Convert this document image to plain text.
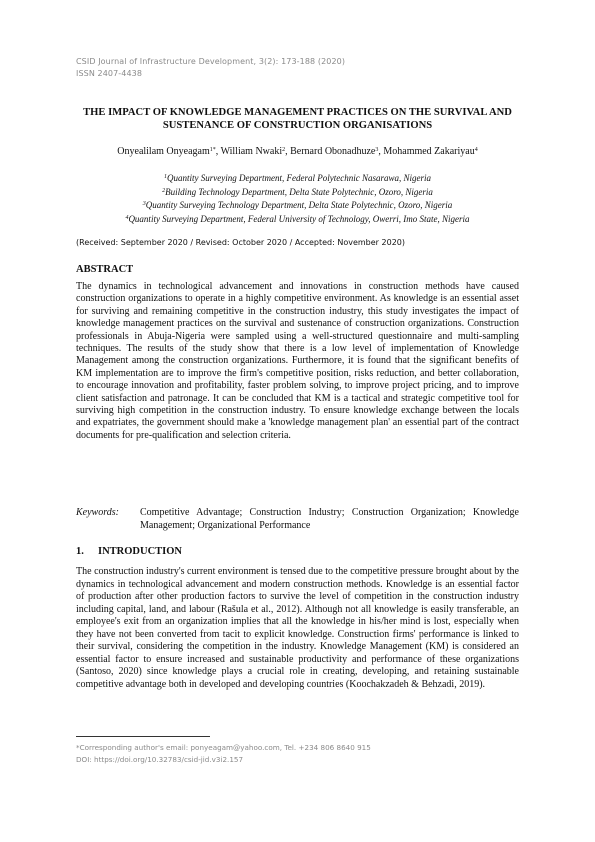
CSID Journal of Infrastructure Development, 3(2): 173-188 (2020)
ISSN 2407-4438
THE IMPACT OF KNOWLEDGE MANAGEMENT PRACTICES ON THE SURVIVAL AND SUSTENANCE OF CONSTRUCTION ORGANISATIONS
Onyealilam Onyeagam$^{1*}$, William Nwaki$^2$, Bernard Obonadhuze$^3$, Mohammed Zakariyau$^4$
$^1$Quantity Surveying Department, Federal Polytechnic Nasarawa, Nigeria
$^2$Building Technology Department, Delta State Polytechnic, Ozoro, Nigeria
$^3$Quantity Surveying Technology Department, Delta State Polytechnic, Ozoro, Nigeria
$^4$Quantity Surveying Department, Federal University of Technology, Owerri, Imo State, Nigeria
(Received: September 2020 / Revised: October 2020 / Accepted: November 2020)
ABSTRACT
The dynamics in technological advancement and innovations in construction methods have caused construction organizations to operate in a highly competitive environment. As knowledge is an essential asset for surviving and remaining competitive in the construction industry, this study investigates the impact of knowledge management practices on the survival and sustenance of construction organizations. Construction professionals in Abuja-Nigeria were sampled using a well-structured questionnaire and multi-sampling techniques. The results of the study show that there is a low level of implementation of Knowledge Management among the construction organizations. Furthermore, it is found that the significant benefits of KM implementation are to improve the firm's competitive position, risks reduction, and better collaboration, to encourage innovation and profitability, faster problem solving, to improve project pricing, and to improve client satisfaction and patronage. It can be concluded that KM is a tactical and strategic competitive tool for surviving high competition in the construction industry. To ensure knowledge exchange between the locals and expatriates, the government should make a 'knowledge management plan' an essential part of the contract documents for pre-qualification and selection criteria.
Keywords:	Competitive Advantage; Construction Industry; Construction Organization; Knowledge Management; Organizational Performance
1. INTRODUCTION
The construction industry's current environment is tensed due to the competitive pressure brought about by the dynamics in technological advancement and modern construction methods. Knowledge is an essential factor of production after other production factors to survive the level of competition in the construction industry including capital, land, and labour (Rašula et al., 2012). Although not all knowledge is easily transferable, an employee's exit from an organization implies that all the knowledge in his/her mind is lost, especially when they have not been converted from tacit to explicit knowledge. Construction firms' performance is linked to their survival, considering the competition in the industry. Knowledge Management (KM) is considered an essential factor to ensure increased and sustainable productivity and performance of these organizations (Santoso, 2020) since knowledge plays a crucial role in creating, developing, and retaining sustainable competitive advantage both in developed and developing countries (Koochakzadeh & Behzadi, 2019).
*Corresponding author's email: ponyeagam@yahoo.com, Tel. +234 806 8640 915
DOI: https://doi.org/10.32783/csid-jid.v3i2.157
